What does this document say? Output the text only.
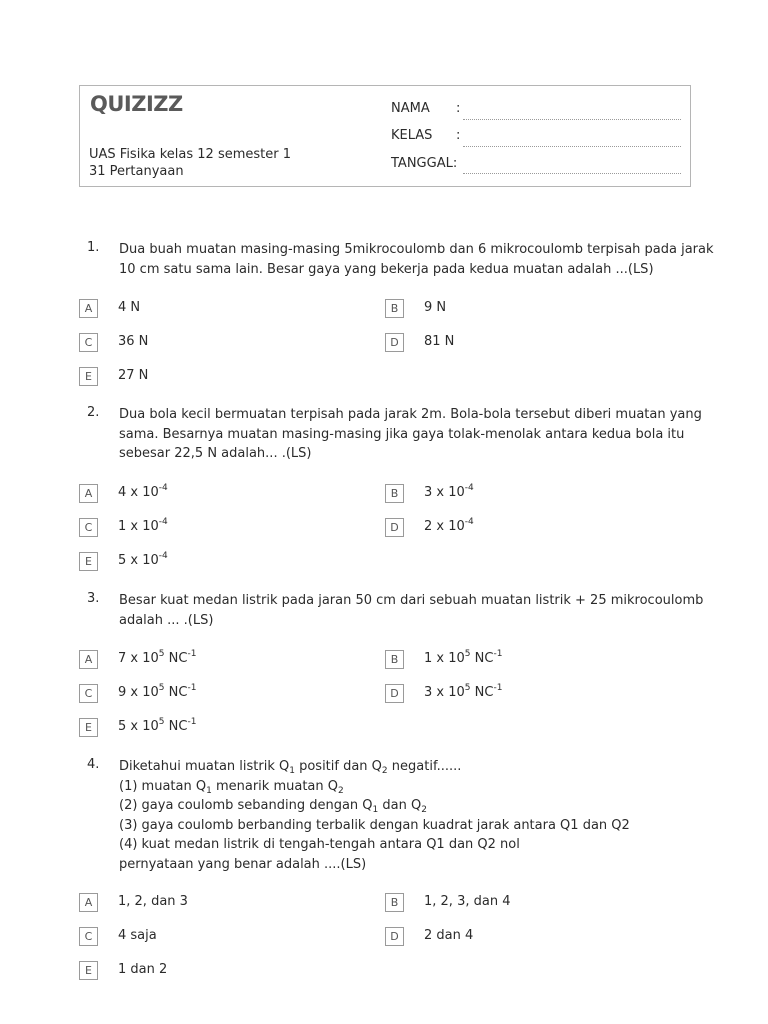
QUIZIZZ
UAS Fisika kelas 12 semester 1
31 Pertanyaan
NAMA :
KELAS :
TANGGAL:
1.	Dua buah muatan masing-masing 5mikrocoulomb dan 6 mikrocoulomb terpisah pada jarak
10 cm satu sama lain. Besar gaya yang bekerja pada kedua muatan adalah ...(LS)
A	4 N	B	9 N
C	36 N	D	81 N
E	27 N
2.	Dua bola kecil bermuatan terpisah pada jarak 2m. Bola-bola tersebut diberi muatan yang
sama. Besarnya muatan masing-masing jika gaya tolak-menolak antara kedua bola itu
sebesar 22,5 N adalah... .(LS)
A	4 x $10^{-4}$	B	3 x $10^{-4}$
C	1 x $10^{-4}$	D	2 x $10^{-4}$
E	5 x $10^{-4}$
3.	Besar kuat medan listrik pada jaran 50 cm dari sebuah muatan listrik + 25 mikrocoulomb
adalah ... .(LS)
A	7 x $10^5$ $NC^{-1}$	B	1 x $10^5$ $NC^{-1}$
C	9 x $10^5$ $NC^{-1}$	D	3 x $10^5$ $NC^{-1}$
E	5 x $10^5$ $NC^{-1}$
4.	Diketahui muatan listrik $Q_1$ positif dan $Q_2$ negatif......
(1) muatan $Q_1$ menarik muatan $Q_2$
(2) gaya coulomb sebanding dengan $Q_1$ dan $Q_2$
(3) gaya coulomb berbanding terbalik dengan kuadrat jarak antara Q1 dan Q2
(4) kuat medan listrik di tengah-tengah antara Q1 dan Q2 nol
pernyataan yang benar adalah ....(LS)
A	1, 2, dan 3	B	1, 2, 3, dan 4
C	4 saja	D	2 dan 4
E	1 dan 2
